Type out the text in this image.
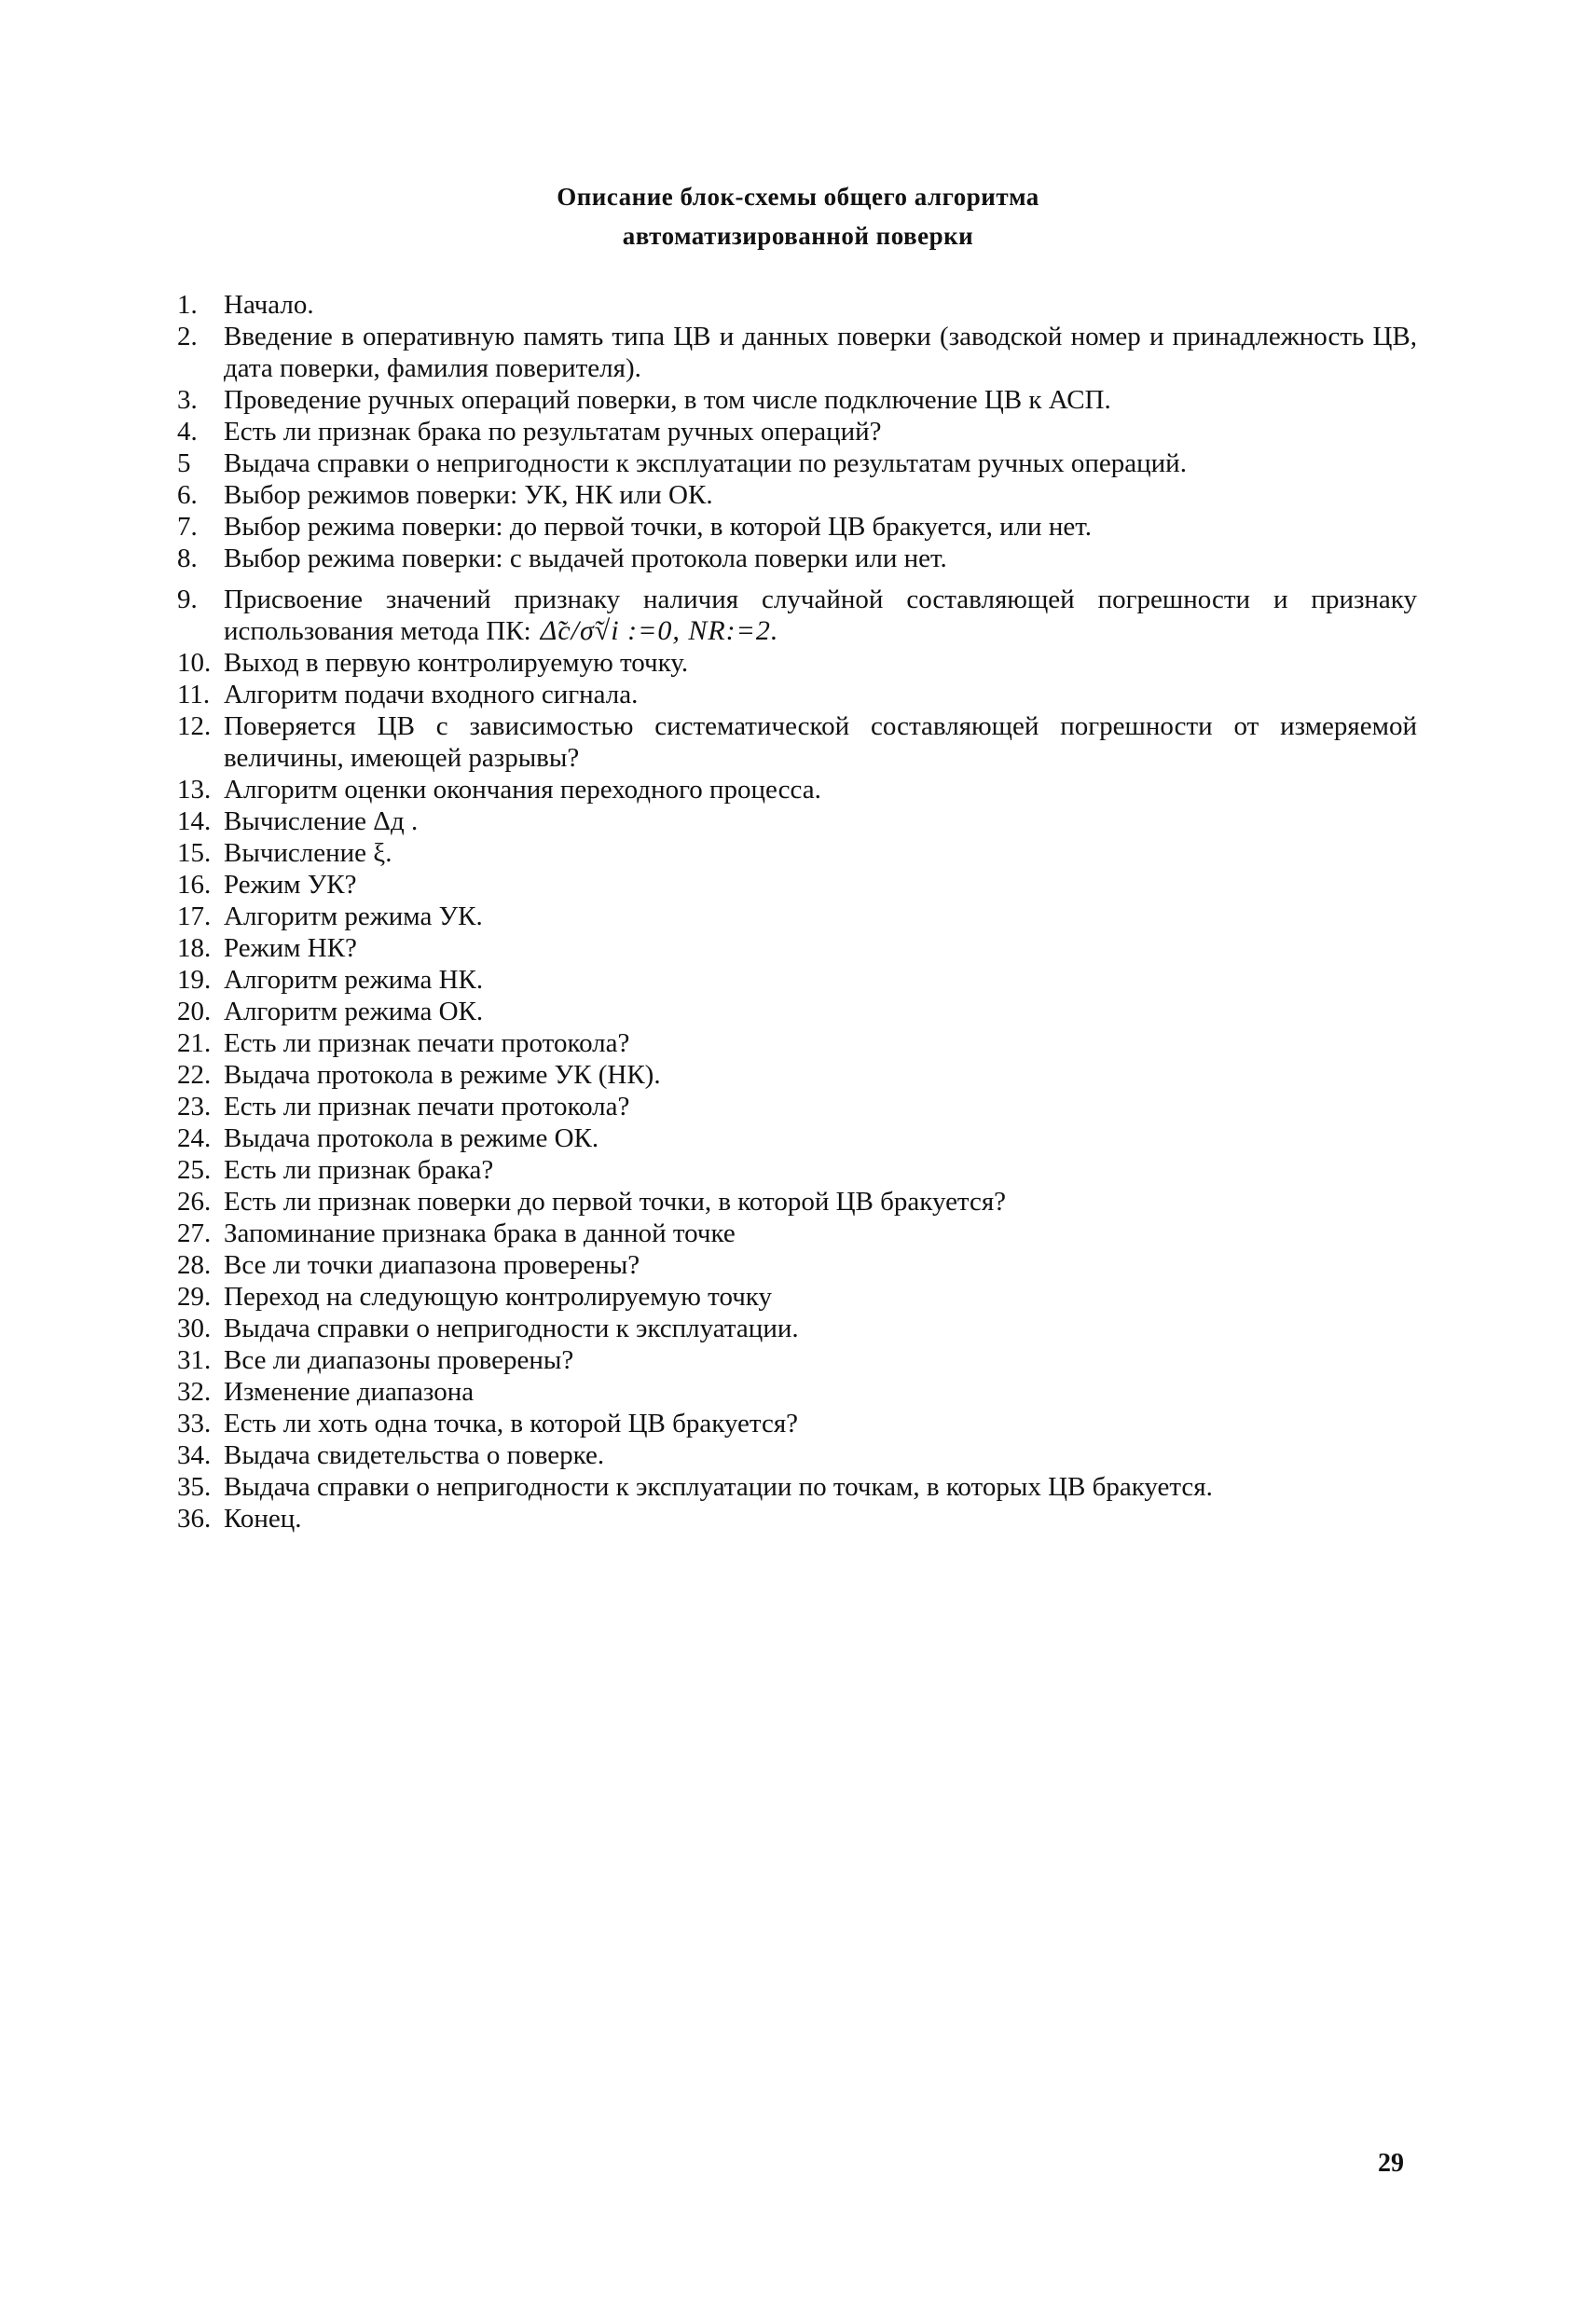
Описание блок-схемы общего алгоритма
автоматизированной поверки
1. Начало.
2. Введение в оперативную память типа ЦВ и данных поверки (заводской номер и принадлежность ЦВ, дата поверки, фамилия поверителя).
3. Проведение ручных операций поверки, в том числе подключение ЦВ к АСП.
4. Есть ли признак брака по результатам ручных операций?
5	Выдача справки о непригодности к эксплуатации по результатам ручных операций.
6. Выбор режимов поверки: УК, НК или ОК.
7. Выбор режима поверки: до первой точки, в которой ЦВ бракуется, или нет.
8. Выбор режима поверки: с выдачей протокола поверки или нет.
9. Присвоение значений признаку наличия случайной составляющей погрешности и признаку использования метода ПК: Δ̃c/σ̃√i :=0, NR:=2.
10. Выход в первую контролируемую точку.
11. Алгоритм подачи входного сигнала.
12. Поверяется ЦВ с зависимостью систематической составляющей погрешности от измеряемой величины, имеющей разрывы?
13. Алгоритм оценки окончания переходного процесса.
14. Вычисление Δд .
15. Вычисление ξ.
16. Режим УК?
17. Алгоритм режима УК.
18. Режим НК?
19. Алгоритм режима НК.
20. Алгоритм режима ОК.
21. Есть ли признак печати протокола?
22. Выдача протокола в режиме УК (НК).
23. Есть ли признак печати протокола?
24. Выдача протокола в режиме ОК.
25. Есть ли признак брака?
26. Есть ли признак поверки до первой точки, в которой ЦВ бракуется?
27. Запоминание признака брака в данной точке
28. Все ли точки диапазона проверены?
29. Переход на следующую контролируемую точку
30. Выдача справки о непригодности к эксплуатации.
31. Все ли диапазоны проверены?
32. Изменение диапазона
33. Есть ли хоть одна точка, в которой ЦВ бракуется?
34. Выдача свидетельства о поверке.
35. Выдача справки о непригодности к эксплуатации по точкам, в которых ЦВ бракуется.
36. Конец.
29
